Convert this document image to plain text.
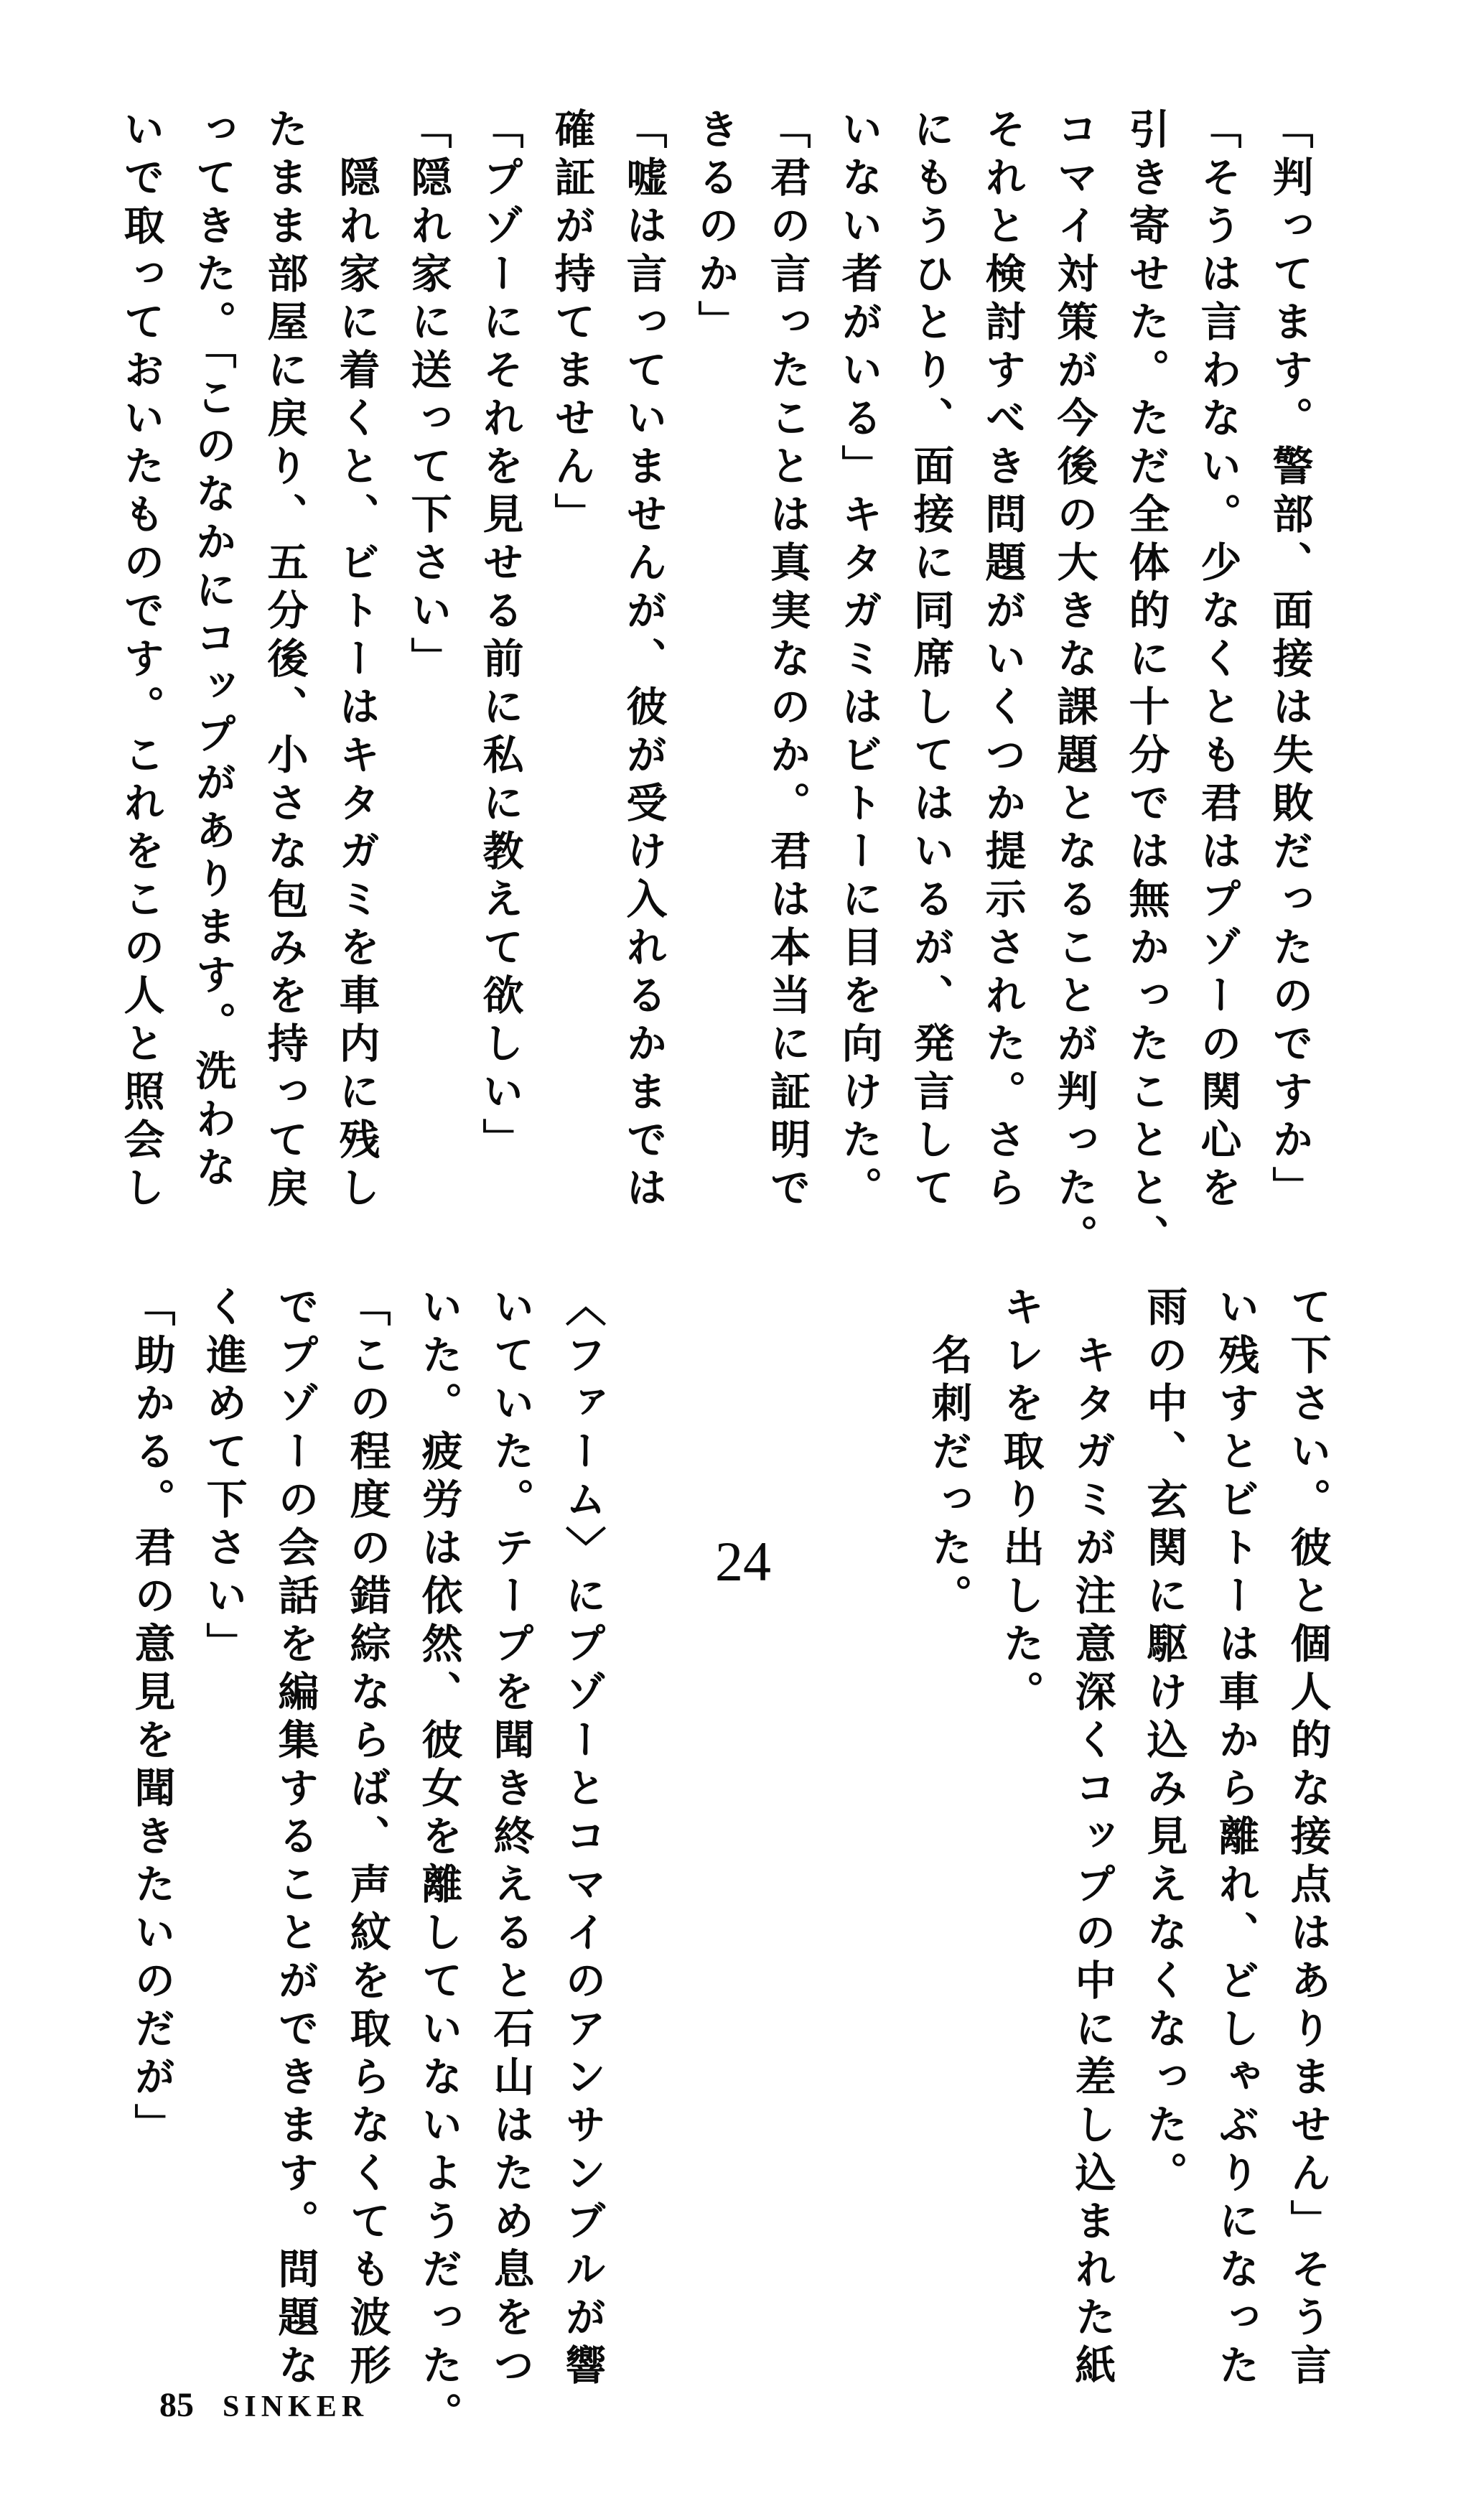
「判ってます。警部、面接は失敗だったのですか」

「そうは言わない。少なくとも君はプゾーの関心を

引き寄せた。ただ全体的に十分では無かったことと、

コマイ対策が今後の大きな課題となることが判った。

それと検討すべき問題がいくつか提示された。さら

にもうひとり、面接に同席してはいるが、発言して

いない者がいる」キタガミはビトーに目を向けた。

「君の言ったことは真実なのか。君は本当に証明で

きるのか」

「嘘は言っていませんが、彼が受け入れるかまでは

確証が持てません」

「プゾーにそれを見せる前に私に教えて欲しい」

「隠れ家に送って下さい」

　隠れ家に着くと、ビトーはキタガミを車内に残し

たまま部屋に戻り、五分後、小さな包みを持って戻

ってきた。「このなかにコップがあります。洗わな

いで取っておいたものです。これをこの人と照会し

て下さい。彼と個人的な接点はありません」そう言

い残すとビトーは車から離れ、どしゃぶりになった

雨の中、玄関に駆け込み見えなくなった。

　キタガミが注意深くコップの中に差し込まれた紙

キレを取り出した。

　名刺だった。

24

〈ファーム〉にプゾーとコマイのアンサンブルが響

いていた。テープを聞き終えると石山はため息をつ

いた。疲労は依然、彼女を離していないようだった。

「この程度の錯綜ならば、声紋を取らなくても波形

でプゾーの会話を編集することができます。問題な

く進めて下さい」

「助かる。君の意見を聞きたいのだが」

85 SINKER
